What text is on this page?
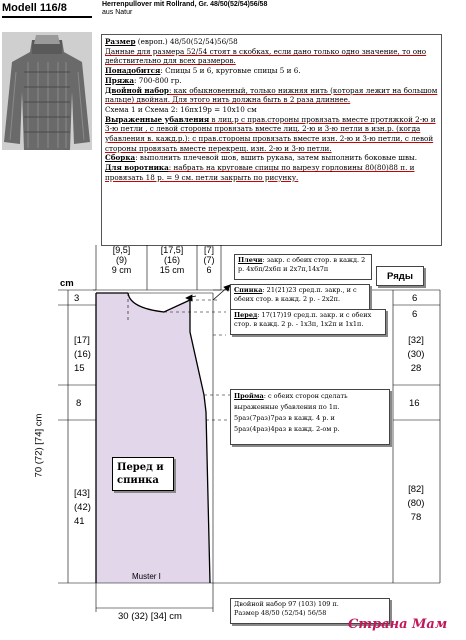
Modell 116/8	Herrenpullover mit Rollrand, Gr. 48/50(52/54)56/58
aus Natur

Размер (европ.) 48/50(52/54)56/58

Данные для размера 52/54 стоят в скобках, если дано только одно значение, то оно действительно для всех размеров.

Понадобится: Спицы 5 и 6, круговые спицы 5 и 6.

Пряжа: 700-800 гр.

Двойной набор: как обыкновенный, только нижняя нить (которая лежит на большом пальце) двойная. Для этого нить должна быть в 2 раза длиннее.

Схема 1 и Схема 2: 16пх19р = 10х10 см

Выраженные убавления в лиц.р с прав.стороны провязать вместе протяжкой 2-ю и 3-ю петли , с левой стороны провязать вместе лиц. 2-ю и 3-ю петли в изн.р. (когда убавления в. кажд.р.): с прав.стороны провязать вместе изн. 2-ю и 3-ю петли, с левой стороны провязать вместе перекрещ. изн. 2-ю и 3-ю петли.

Сборка: выполнить плечевой шов, вшить рукава, затем выполнить боковые швы.

Для воротника: набрать на круговые спицы по вырезу горловины 80(80)88 п. и провязать 18 р. = 9 см. петли закрыть по рисунку.

[9,5]
(9)
9 cm
[17,5]
(16)
15 cm
[7]
(7)
6
cm
3
[17]
(16)
15
8
[43]
(42)
41
70 (72) [74] cm
Ряды
6
6
[32]
(30)
28
16
[82]
(80)
78
Плечи: закр. с обеих стор. в кажд. 2 р. 4х6п/2х6п и 2х7п,14х7п
Спинка: 21(21)23 сред.п. закр., и с обеих стор. в кажд. 2 р. - 2х2п.
Перед: 17(17)19 сред.п. закр. и с обеих стор. в кажд. 2 р. - 1х3п, 1х2п и 1х1п.
Пройма: с обеих сторон сделать выраженные убавления по 1п. 5раз(7раз)7раз в кажд. 4 р. и 5раз(4раз)4раз в кажд. 2-ом р.
Двойной набор 97 (103) 109 п.
Размер 48/50 (52/54) 56/58
Перед и
спинка
Muster I
30 (32) [34] cm
Страна Мам
